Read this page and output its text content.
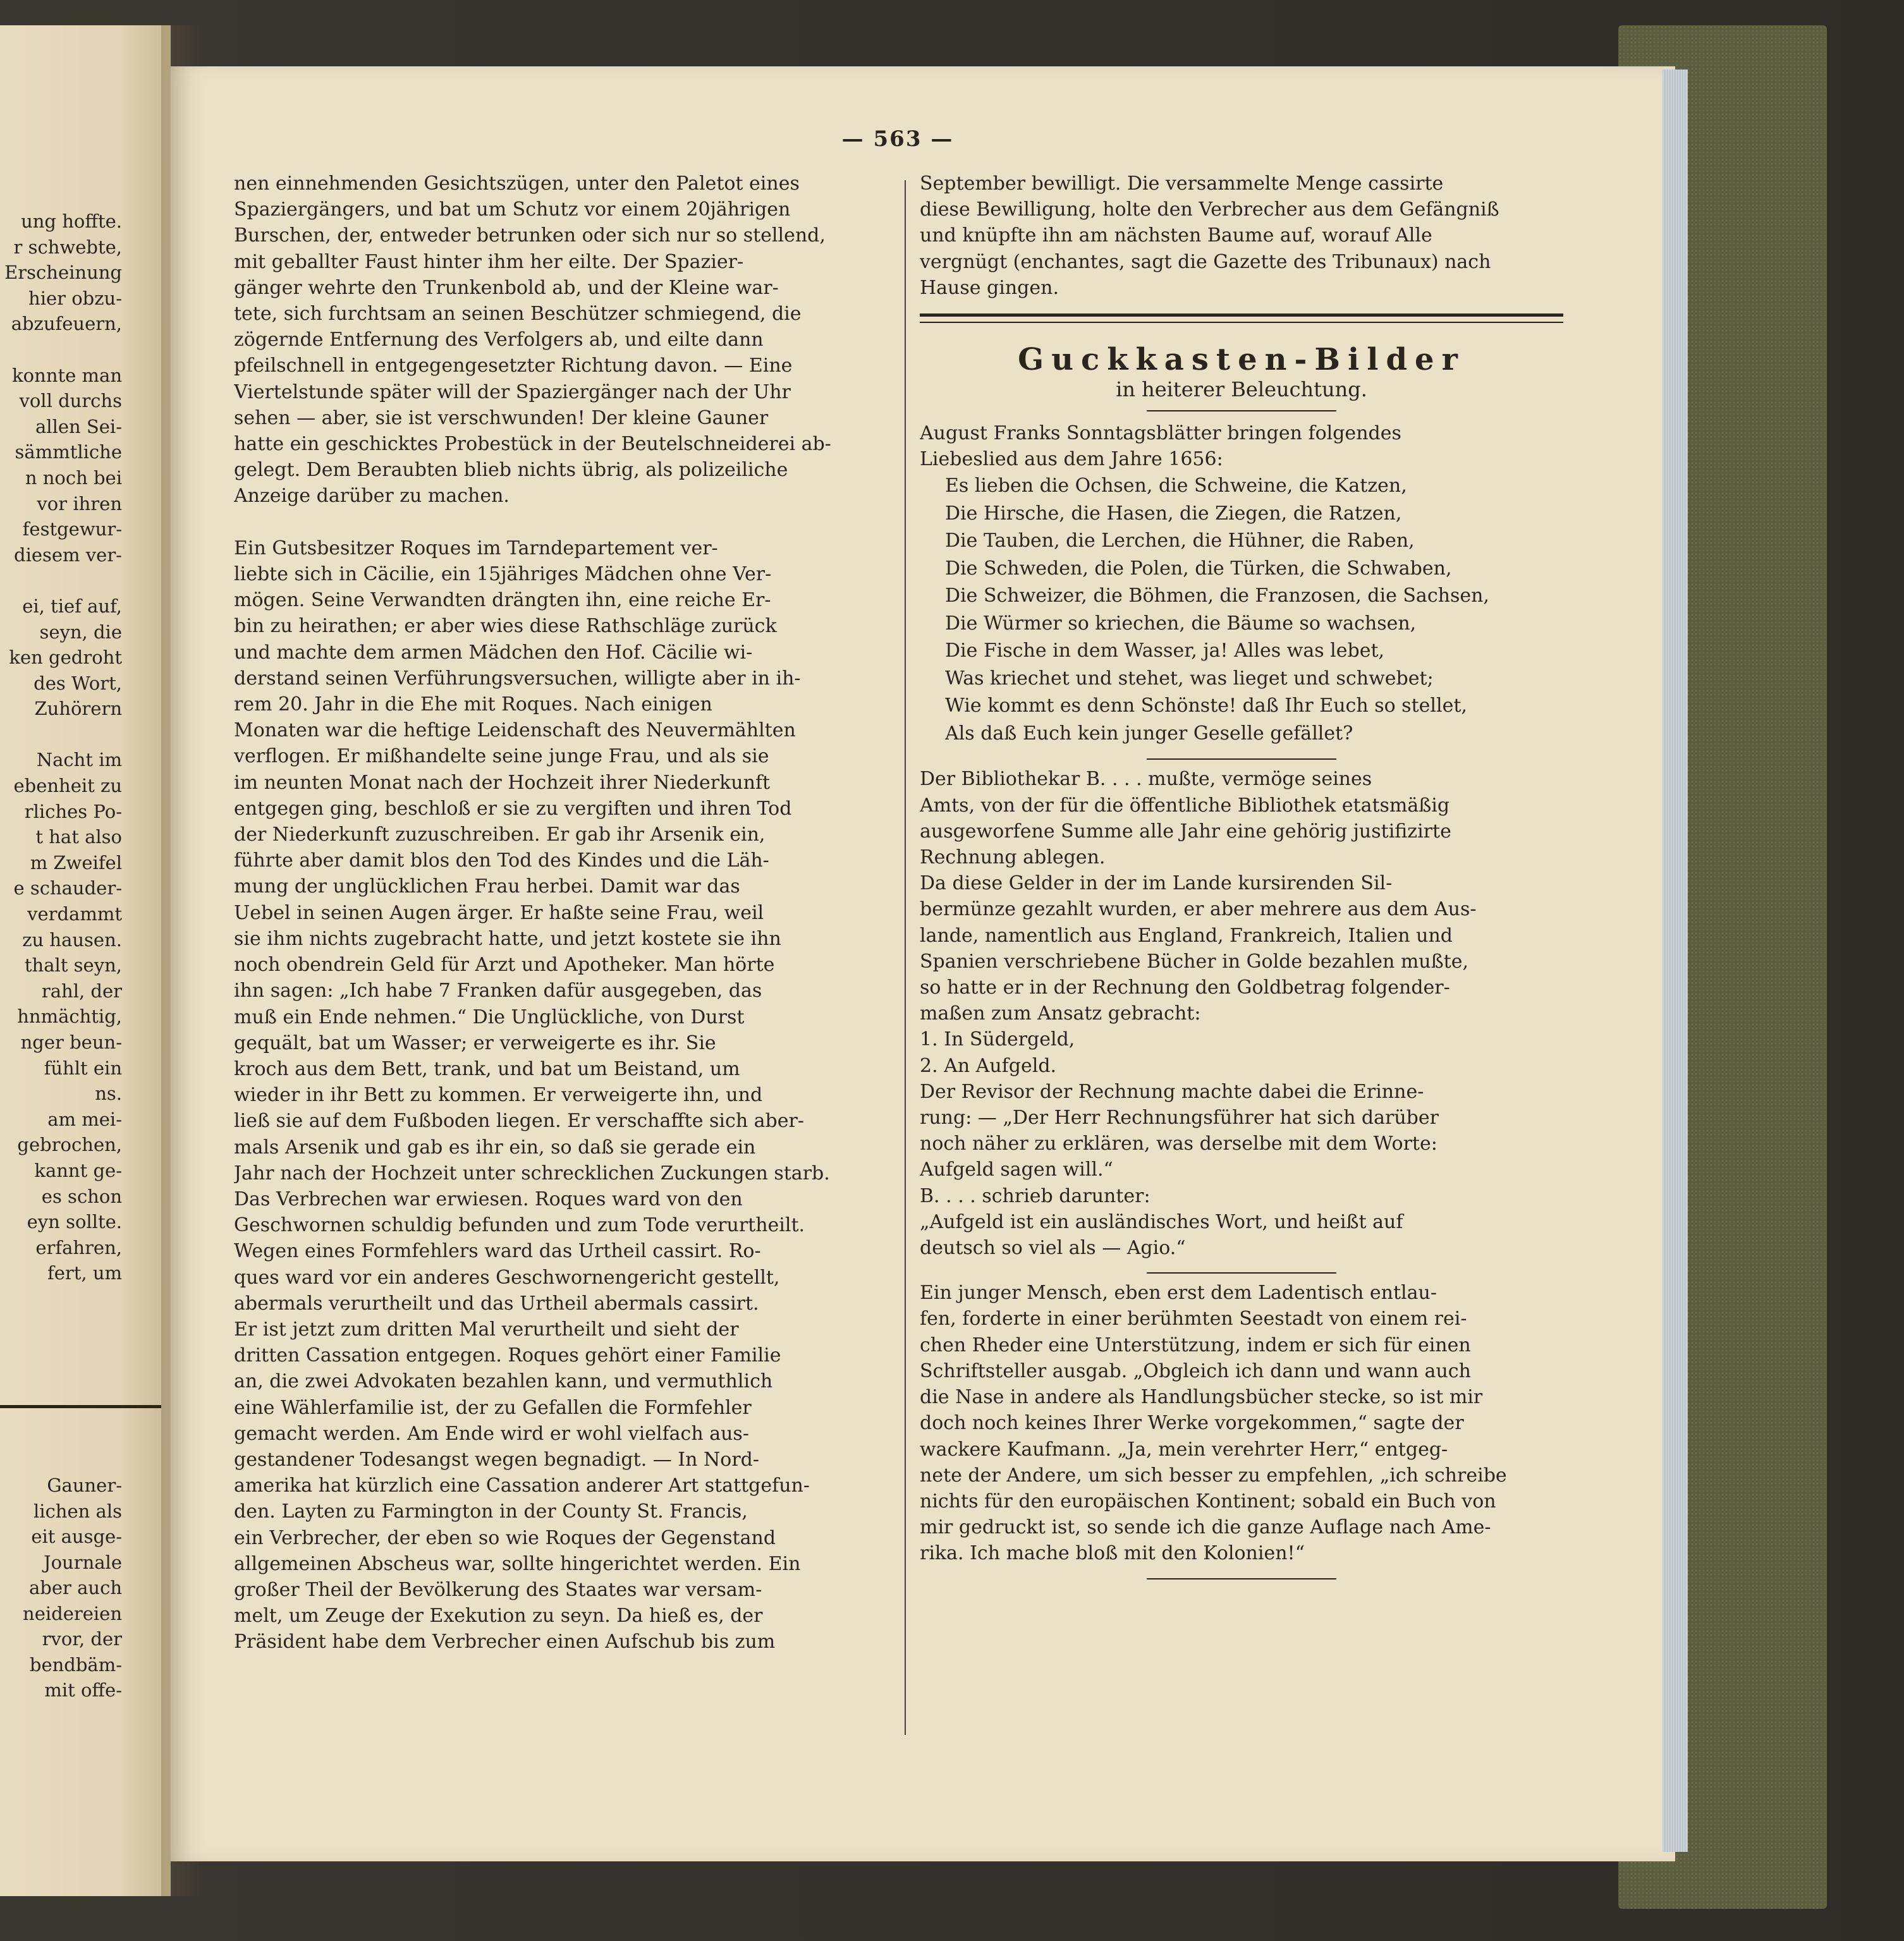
ung hoffte.
r schwebte,
Erscheinung
hier obzu-
abzufeuern,

konnte man
voll durchs
allen Sei-
sämmtliche
n noch bei
vor ihren
festgewur-
diesem ver-

ei, tief auf,
seyn, die
ken gedroht
des Wort,
Zuhörern

Nacht im
ebenheit zu
rliches Po-
t hat also
m Zweifel
e schauder-
verdammt
zu hausen.
thalt seyn,
rahl, der
hnmächtig,
nger beun-
fühlt ein
ns.
am mei-
gebrochen,
kannt ge-
es schon
eyn sollte.
erfahren,
fert, um
Gauner-
lichen als
eit ausge-
Journale
aber auch
neidereien
rvor, der
bendbäm-
mit offe-
— 563 —
nen einnehmenden Gesichtszügen, unter den Paletot eines
Spaziergängers, und bat um Schutz vor einem 20jährigen
Burschen, der, entweder betrunken oder sich nur so stellend,
mit geballter Faust hinter ihm her eilte. Der Spazier-
gänger wehrte den Trunkenbold ab, und der Kleine war-
tete, sich furchtsam an seinen Beschützer schmiegend, die
zögernde Entfernung des Verfolgers ab, und eilte dann
pfeilschnell in entgegengesetzter Richtung davon. — Eine
Viertelstunde später will der Spaziergänger nach der Uhr
sehen — aber, sie ist verschwunden! Der kleine Gauner
hatte ein geschicktes Probestück in der Beutelschneiderei ab-
gelegt. Dem Beraubten blieb nichts übrig, als polizeiliche
Anzeige darüber zu machen.

Ein Gutsbesitzer Roques im Tarndepartement ver-
liebte sich in Cäcilie, ein 15jähriges Mädchen ohne Ver-
mögen. Seine Verwandten drängten ihn, eine reiche Er-
bin zu heirathen; er aber wies diese Rathschläge zurück
und machte dem armen Mädchen den Hof. Cäcilie wi-
derstand seinen Verführungsversuchen, willigte aber in ih-
rem 20. Jahr in die Ehe mit Roques. Nach einigen
Monaten war die heftige Leidenschaft des Neuvermählten
verflogen. Er mißhandelte seine junge Frau, und als sie
im neunten Monat nach der Hochzeit ihrer Niederkunft
entgegen ging, beschloß er sie zu vergiften und ihren Tod
der Niederkunft zuzuschreiben. Er gab ihr Arsenik ein,
führte aber damit blos den Tod des Kindes und die Läh-
mung der unglücklichen Frau herbei. Damit war das
Uebel in seinen Augen ärger. Er haßte seine Frau, weil
sie ihm nichts zugebracht hatte, und jetzt kostete sie ihn
noch obendrein Geld für Arzt und Apotheker. Man hörte
ihn sagen: „Ich habe 7 Franken dafür ausgegeben, das
muß ein Ende nehmen.“ Die Unglückliche, von Durst
gequält, bat um Wasser; er verweigerte es ihr. Sie
kroch aus dem Bett, trank, und bat um Beistand, um
wieder in ihr Bett zu kommen. Er verweigerte ihn, und
ließ sie auf dem Fußboden liegen. Er verschaffte sich aber-
mals Arsenik und gab es ihr ein, so daß sie gerade ein
Jahr nach der Hochzeit unter schrecklichen Zuckungen starb.
Das Verbrechen war erwiesen. Roques ward von den
Geschwornen schuldig befunden und zum Tode verurtheilt.
Wegen eines Formfehlers ward das Urtheil cassirt. Ro-
ques ward vor ein anderes Geschwornengericht gestellt,
abermals verurtheilt und das Urtheil abermals cassirt.
Er ist jetzt zum dritten Mal verurtheilt und sieht der
dritten Cassation entgegen. Roques gehört einer Familie
an, die zwei Advokaten bezahlen kann, und vermuthlich
eine Wählerfamilie ist, der zu Gefallen die Formfehler
gemacht werden. Am Ende wird er wohl vielfach aus-
gestandener Todesangst wegen begnadigt. — In Nord-
amerika hat kürzlich eine Cassation anderer Art stattgefun-
den. Layten zu Farmington in der County St. Francis,
ein Verbrecher, der eben so wie Roques der Gegenstand
allgemeinen Abscheus war, sollte hingerichtet werden. Ein
großer Theil der Bevölkerung des Staates war versam-
melt, um Zeuge der Exekution zu seyn. Da hieß es, der
Präsident habe dem Verbrecher einen Aufschub bis zum
September bewilligt. Die versammelte Menge cassirte
diese Bewilligung, holte den Verbrecher aus dem Gefängniß
und knüpfte ihn am nächsten Baume auf, worauf Alle
vergnügt (enchantes, sagt die Gazette des Tribunaux) nach
Hause gingen.
Guckkasten-Bilder
in heiterer Beleuchtung.
August Franks Sonntagsblätter bringen folgendes
Liebeslied aus dem Jahre 1656:
Es lieben die Ochsen, die Schweine, die Katzen,
Die Hirsche, die Hasen, die Ziegen, die Ratzen,
Die Tauben, die Lerchen, die Hühner, die Raben,
Die Schweden, die Polen, die Türken, die Schwaben,
Die Schweizer, die Böhmen, die Franzosen, die Sachsen,
Die Würmer so kriechen, die Bäume so wachsen,
Die Fische in dem Wasser, ja! Alles was lebet,
Was kriechet und stehet, was lieget und schwebet;
Wie kommt es denn Schönste! daß Ihr Euch so stellet,
Als daß Euch kein junger Geselle gefället?
Der Bibliothekar B. . . . mußte, vermöge seines
Amts, von der für die öffentliche Bibliothek etatsmäßig
ausgeworfene Summe alle Jahr eine gehörig justifizirte
Rechnung ablegen.
Da diese Gelder in der im Lande kursirenden Sil-
bermünze gezahlt wurden, er aber mehrere aus dem Aus-
lande, namentlich aus England, Frankreich, Italien und
Spanien verschriebene Bücher in Golde bezahlen mußte,
so hatte er in der Rechnung den Goldbetrag folgender-
maßen zum Ansatz gebracht:
1. In Südergeld,
2. An Aufgeld.
Der Revisor der Rechnung machte dabei die Erinne-
rung: — „Der Herr Rechnungsführer hat sich darüber
noch näher zu erklären, was derselbe mit dem Worte:
Aufgeld sagen will.“
B. . . . schrieb darunter:
„Aufgeld ist ein ausländisches Wort, und heißt auf
deutsch so viel als — Agio.“
Ein junger Mensch, eben erst dem Ladentisch entlau-
fen, forderte in einer berühmten Seestadt von einem rei-
chen Rheder eine Unterstützung, indem er sich für einen
Schriftsteller ausgab. „Obgleich ich dann und wann auch
die Nase in andere als Handlungsbücher stecke, so ist mir
doch noch keines Ihrer Werke vorgekommen,“ sagte der
wackere Kaufmann. „Ja, mein verehrter Herr,“ entgeg-
nete der Andere, um sich besser zu empfehlen, „ich schreibe
nichts für den europäischen Kontinent; sobald ein Buch von
mir gedruckt ist, so sende ich die ganze Auflage nach Ame-
rika. Ich mache bloß mit den Kolonien!“
